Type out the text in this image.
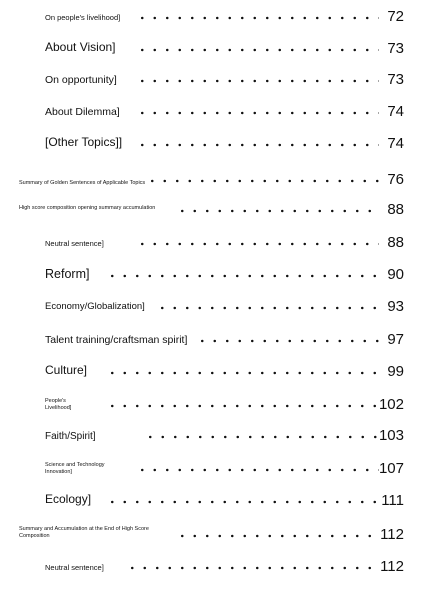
On people's livelihood]	72
About Vision]	73
On opportunity]	73
About Dilemma]	74
[Other Topics]]	74
Summary of Golden Sentences of Applicable Topics	76
High score composition opening summary accumulation	88
Neutral sentence]	88
Reform]	90
Economy/Globalization]	93
Talent training/craftsman spirit]	97
Culture]	99
People's Livelihood]	102
Faith/Spirit]	103
Science and Technology Innovation]	107
Ecology]	111
Summary and Accumulation at the End of High Score Composition	112
Neutral sentence]	112
